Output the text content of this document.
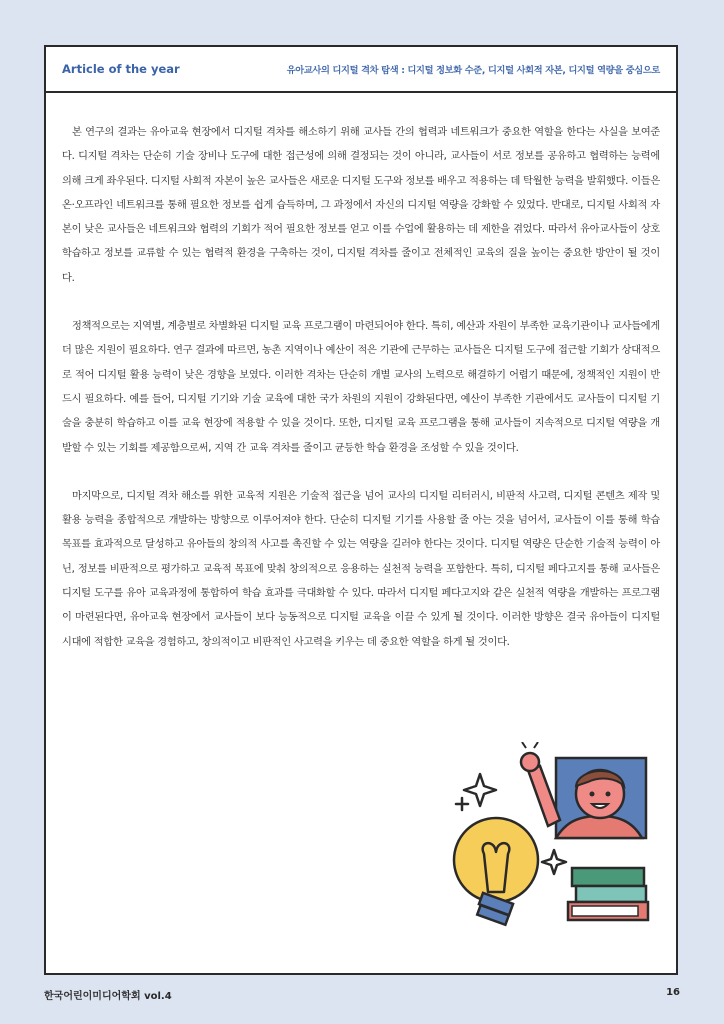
Article of the year	유아교사의 디지털 격차 탐색 : 디지털 정보화 수준, 디지털 사회적 자본, 디지털 역량을 중심으로

본 연구의 결과는 유아교육 현장에서 디지털 격차를 해소하기 위해 교사들 간의 협력과 네트워크가 중요한 역할을 한다는 사실을 보여준다. 디지털 격차는 단순히 기술 장비나 도구에 대한 접근성에 의해 결정되는 것이 아니라, 교사들이 서로 정보를 공유하고 협력하는 능력에 의해 크게 좌우된다. 디지털 사회적 자본이 높은 교사들은 새로운 디지털 도구와 정보를 배우고 적용하는 데 탁월한 능력을 발휘했다. 이들은 온·오프라인 네트워크를 통해 필요한 정보를 쉽게 습득하며, 그 과정에서 자신의 디지털 역량을 강화할 수 있었다. 반대로, 디지털 사회적 자본이 낮은 교사들은 네트워크와 협력의 기회가 적어 필요한 정보를 얻고 이를 수업에 활용하는 데 제한을 겪었다. 따라서 유아교사들이 상호 학습하고 정보를 교류할 수 있는 협력적 환경을 구축하는 것이, 디지털 격차를 줄이고 전체적인 교육의 질을 높이는 중요한 방안이 될 것이다.

정책적으로는 지역별, 계층별로 차별화된 디지털 교육 프로그램이 마련되어야 한다. 특히, 예산과 자원이 부족한 교육기관이나 교사들에게 더 많은 지원이 필요하다. 연구 결과에 따르면, 농촌 지역이나 예산이 적은 기관에 근무하는 교사들은 디지털 도구에 접근할 기회가 상대적으로 적어 디지털 활용 능력이 낮은 경향을 보였다. 이러한 격차는 단순히 개별 교사의 노력으로 해결하기 어렵기 때문에, 정책적인 지원이 반드시 필요하다. 예를 들어, 디지털 기기와 기술 교육에 대한 국가 차원의 지원이 강화된다면, 예산이 부족한 기관에서도 교사들이 디지털 기술을 충분히 학습하고 이를 교육 현장에 적용할 수 있을 것이다. 또한, 디지털 교육 프로그램을 통해 교사들이 지속적으로 디지털 역량을 개발할 수 있는 기회를 제공함으로써, 지역 간 교육 격차를 줄이고 균등한 학습 환경을 조성할 수 있을 것이다.

마지막으로, 디지털 격차 해소를 위한 교육적 지원은 기술적 접근을 넘어 교사의 디지털 리터러시, 비판적 사고력, 디지털 콘텐츠 제작 및 활용 능력을 종합적으로 개발하는 방향으로 이루어져야 한다. 단순히 디지털 기기를 사용할 줄 아는 것을 넘어서, 교사들이 이를 통해 학습 목표를 효과적으로 달성하고 유아들의 창의적 사고를 촉진할 수 있는 역량을 길러야 한다는 것이다. 디지털 역량은 단순한 기술적 능력이 아닌, 정보를 비판적으로 평가하고 교육적 목표에 맞춰 창의적으로 응용하는 실천적 능력을 포함한다. 특히, 디지털 페다고지를 통해 교사들은 디지털 도구를 유아 교육과정에 통합하여 학습 효과를 극대화할 수 있다. 따라서 디지털 페다고지와 같은 실천적 역량을 개발하는 프로그램이 마련된다면, 유아교육 현장에서 교사들이 보다 능동적으로 디지털 교육을 이끌 수 있게 될 것이다. 이러한 방향은 결국 유아들이 디지털 시대에 적합한 교육을 경험하고, 창의적이고 비판적인 사고력을 키우는 데 중요한 역할을 하게 될 것이다.

한국어린이미디어학회 vol.4	16
